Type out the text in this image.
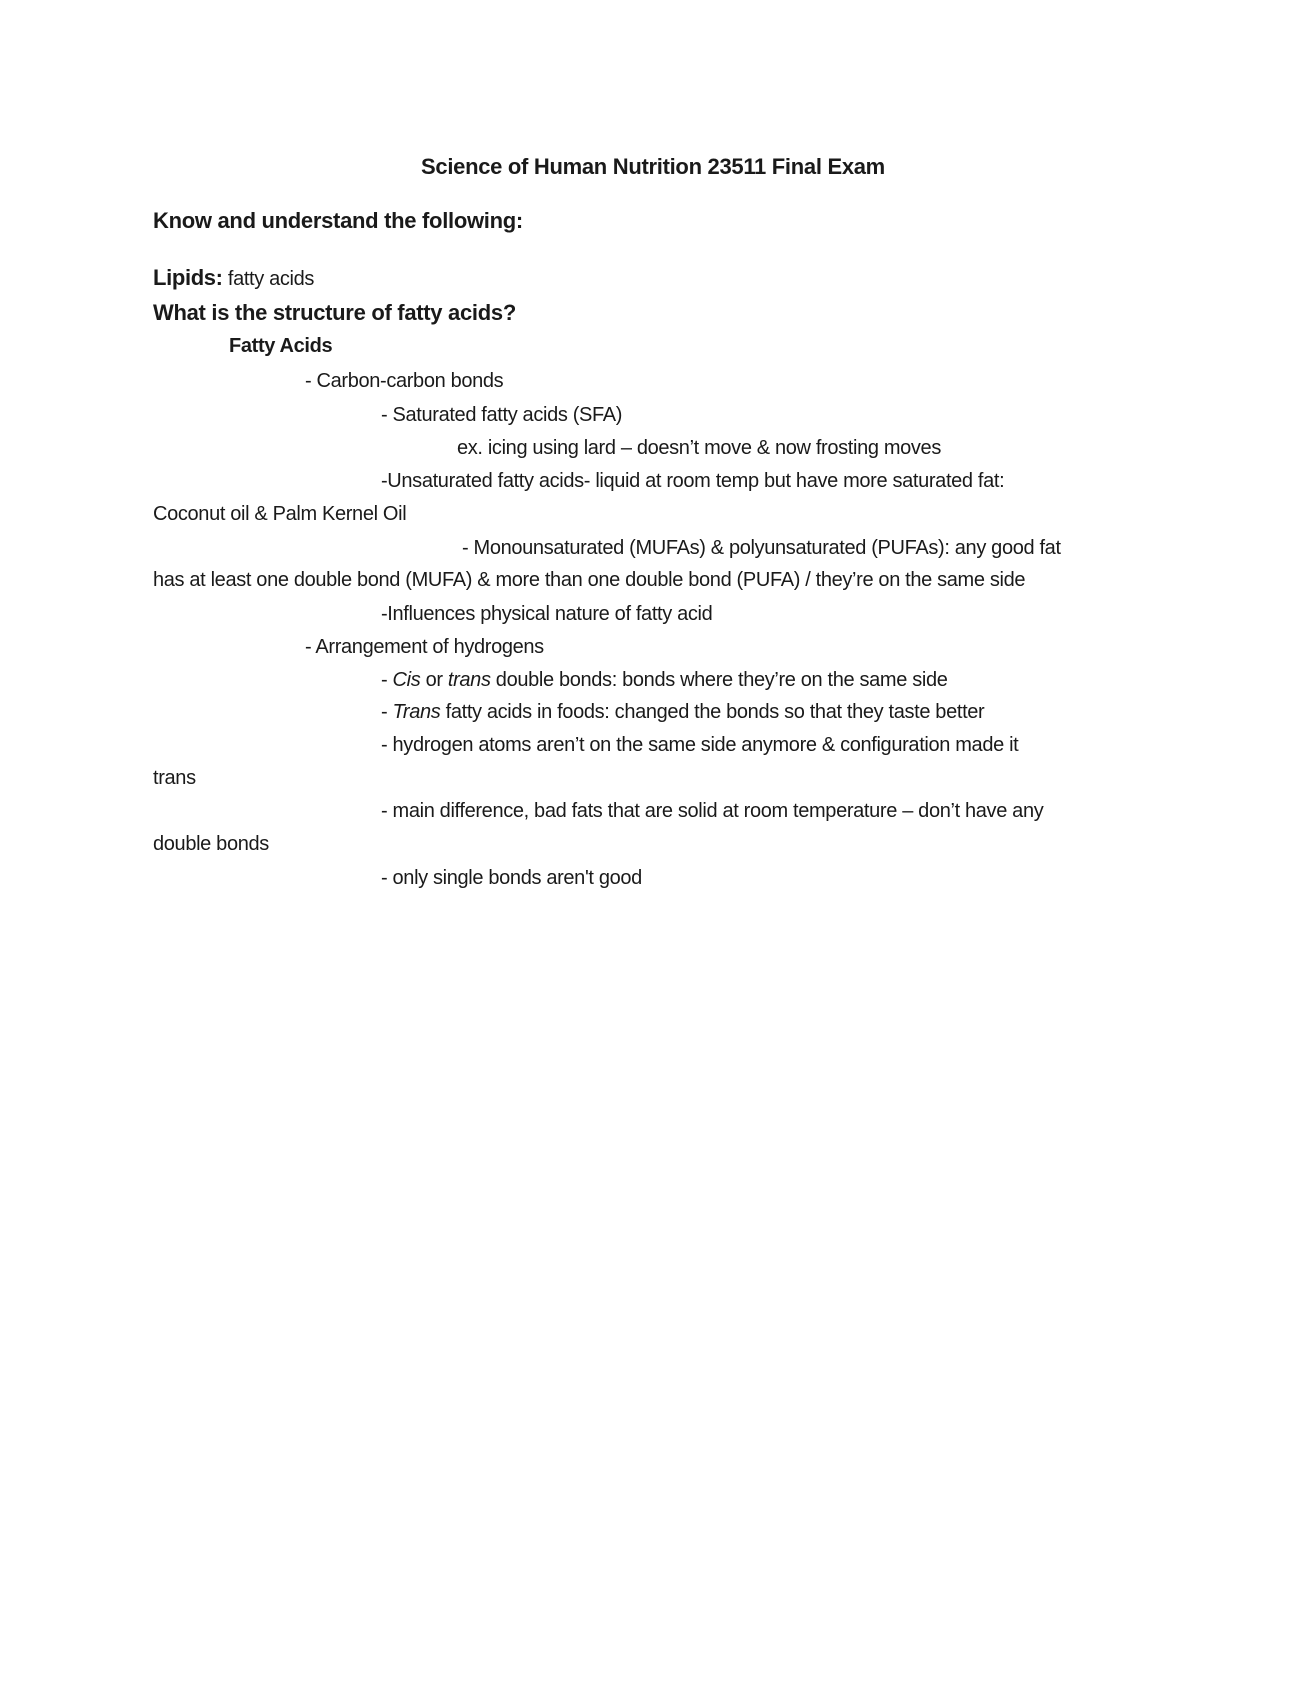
Science of Human Nutrition 23511 Final Exam
Know and understand the following:
Lipids: fatty acids
What is the structure of fatty acids?
Fatty Acids
- Carbon-carbon bonds
- Saturated fatty acids (SFA)
ex. icing using lard – doesn’t move & now frosting moves
-Unsaturated fatty acids- liquid at room temp but have more saturated fat:
Coconut oil & Palm Kernel Oil
- Monounsaturated (MUFAs) & polyunsaturated (PUFAs): any good fat
has at least one double bond (MUFA) & more than one double bond (PUFA) / they’re on the same side
-Influences physical nature of fatty acid
- Arrangement of hydrogens
- Cis or trans double bonds: bonds where they’re on the same side
- Trans fatty acids in foods: changed the bonds so that they taste better
- hydrogen atoms aren’t on the same side anymore & configuration made it
trans
- main difference, bad fats that are solid at room temperature – don’t have any
double bonds
- only single bonds aren't good
